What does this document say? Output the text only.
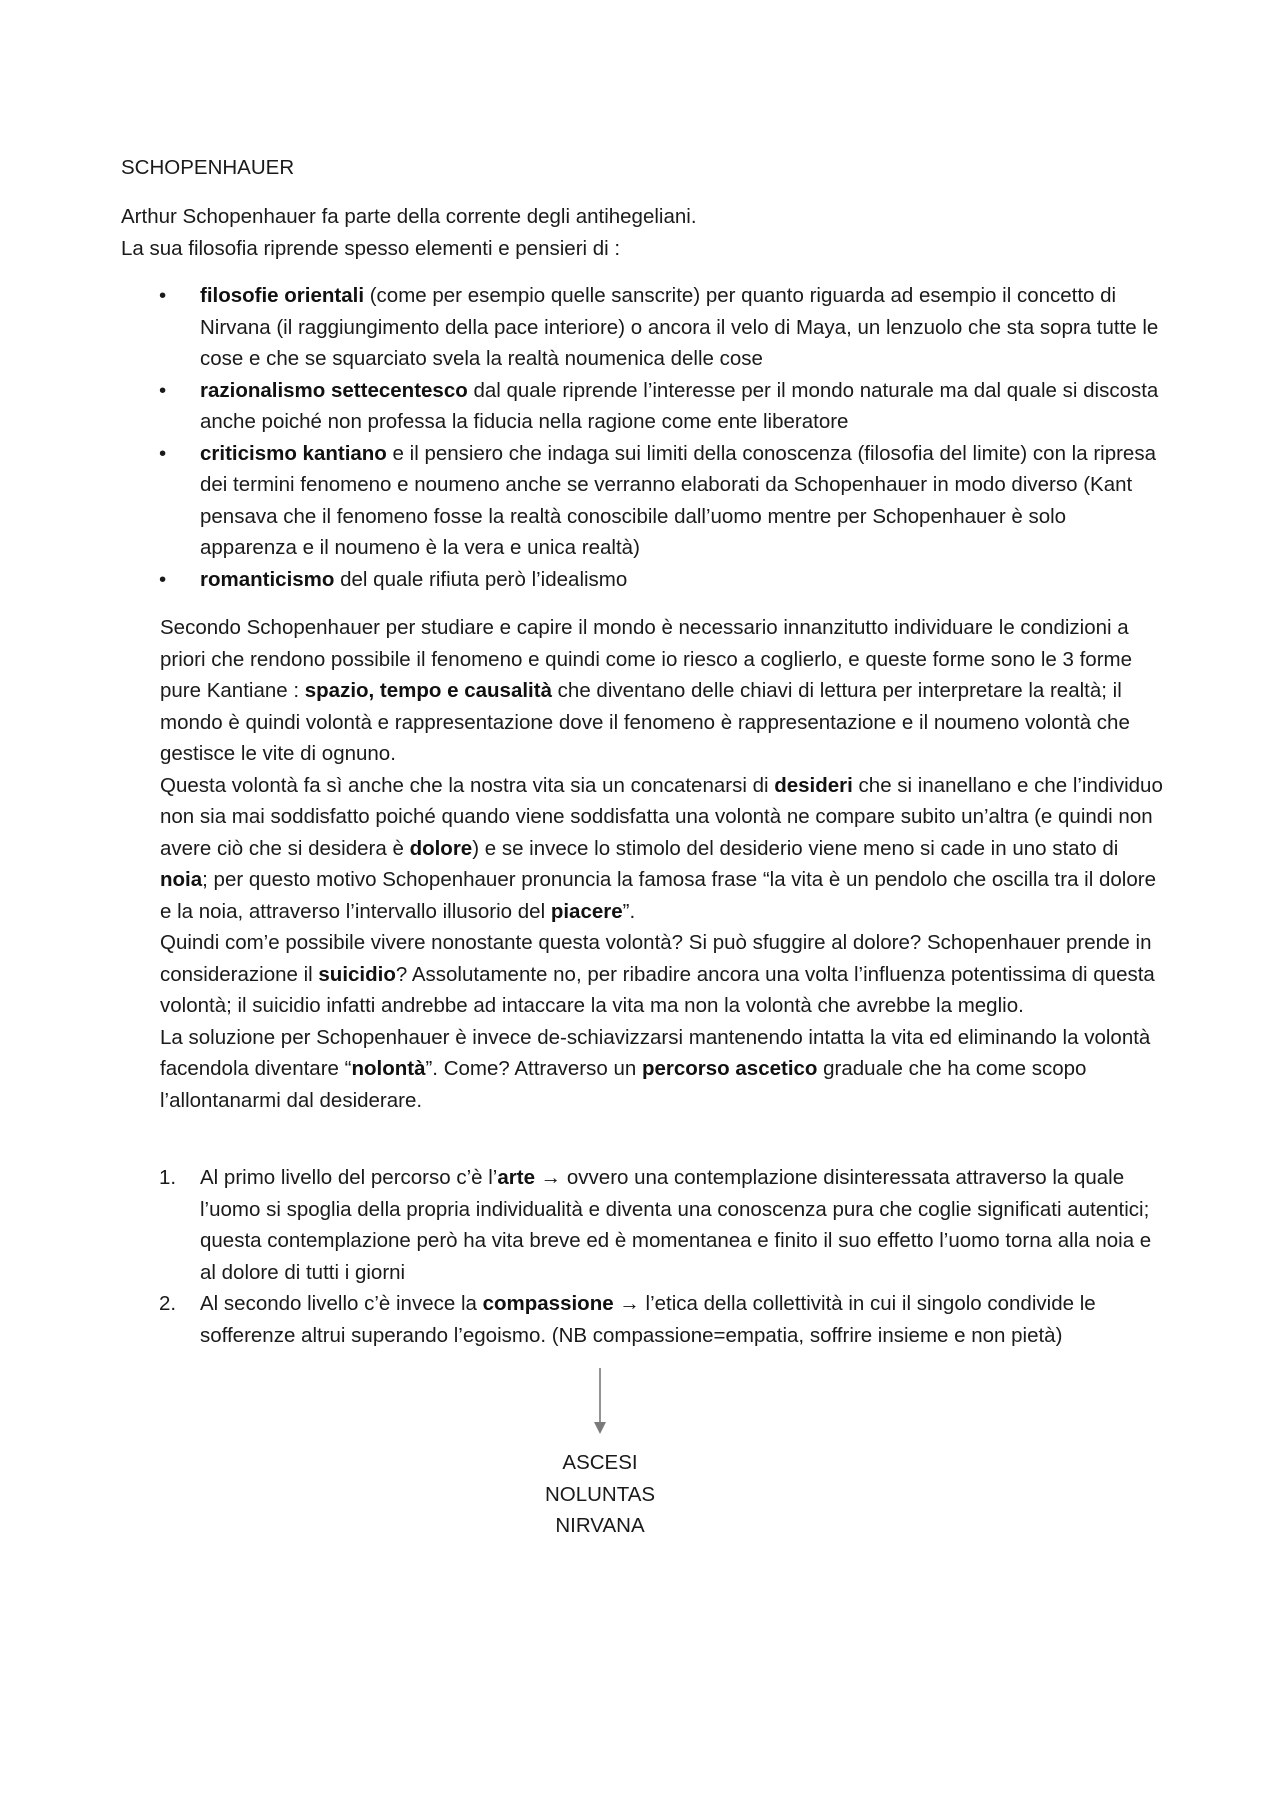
SCHOPENHAUER
Arthur Schopenhauer fa parte della corrente degli antihegeliani.
La sua filosofia riprende spesso elementi e pensieri di :
• filosofie orientali (come per esempio quelle sanscrite) per quanto riguarda ad esempio il concetto di Nirvana (il raggiungimento della pace interiore) o ancora il velo di Maya, un lenzuolo che sta sopra tutte le cose e che se squarciato svela la realtà noumenica delle cose
• razionalismo settecentesco dal quale riprende l’interesse per il mondo naturale ma dal quale si discosta anche poiché non professa la fiducia nella ragione come ente liberatore
• criticismo kantiano e il pensiero che indaga sui limiti della conoscenza (filosofia del limite) con la ripresa dei termini fenomeno e noumeno anche se verranno elaborati da Schopenhauer in modo diverso (Kant pensava che il fenomeno fosse la realtà conoscibile dall’uomo mentre per Schopenhauer è solo apparenza e il noumeno è la vera e unica realtà)
• romanticismo del quale rifiuta però l’idealismo

Secondo Schopenhauer per studiare e capire il mondo è necessario innanzitutto individuare le condizioni a priori che rendono possibile il fenomeno e quindi come io riesco a coglierlo, e queste forme sono le 3 forme pure Kantiane : spazio, tempo e causalità che diventano delle chiavi di lettura per interpretare la realtà; il mondo è quindi volontà e rappresentazione dove il fenomeno è rappresentazione e il noumeno volontà che gestisce le vite di ognuno.

Questa volontà fa sì anche che la nostra vita sia un concatenarsi di desideri che si inanellano e che l’individuo non sia mai soddisfatto poiché quando viene soddisfatta una volontà ne compare subito un’altra (e quindi non avere ciò che si desidera è dolore) e se invece lo stimolo del desiderio viene meno si cade in uno stato di noia; per questo motivo Schopenhauer pronuncia la famosa frase “la vita è un pendolo che oscilla tra il dolore e la noia, attraverso l’intervallo illusorio del piacere”.

Quindi com’e possibile vivere nonostante questa volontà? Si può sfuggire al dolore? Schopenhauer prende in considerazione il suicidio? Assolutamente no, per ribadire ancora una volta l’influenza potentissima di questa volontà; il suicidio infatti andrebbe ad intaccare la vita ma non la volontà che avrebbe la meglio.

La soluzione per Schopenhauer è invece de-schiavizzarsi mantenendo intatta la vita ed eliminando la volontà facendola diventare “nolontà”. Come? Attraverso un percorso ascetico graduale che ha come scopo l’allontanarmi dal desiderare.

1. Al primo livello del percorso c’è l’arte → ovvero una contemplazione disinteressata attraverso la quale l’uomo si spoglia della propria individualità e diventa una conoscenza pura che coglie significati autentici; questa contemplazione però ha vita breve ed è momentanea e finito il suo effetto l’uomo torna alla noia e al dolore di tutti i giorni
2. Al secondo livello c’è invece la compassione → l’etica della collettività in cui il singolo condivide le sofferenze altrui superando l’egoismo. (NB compassione=empatia, soffrire insieme e non pietà)
ASCESI
NOLUNTAS
NIRVANA
